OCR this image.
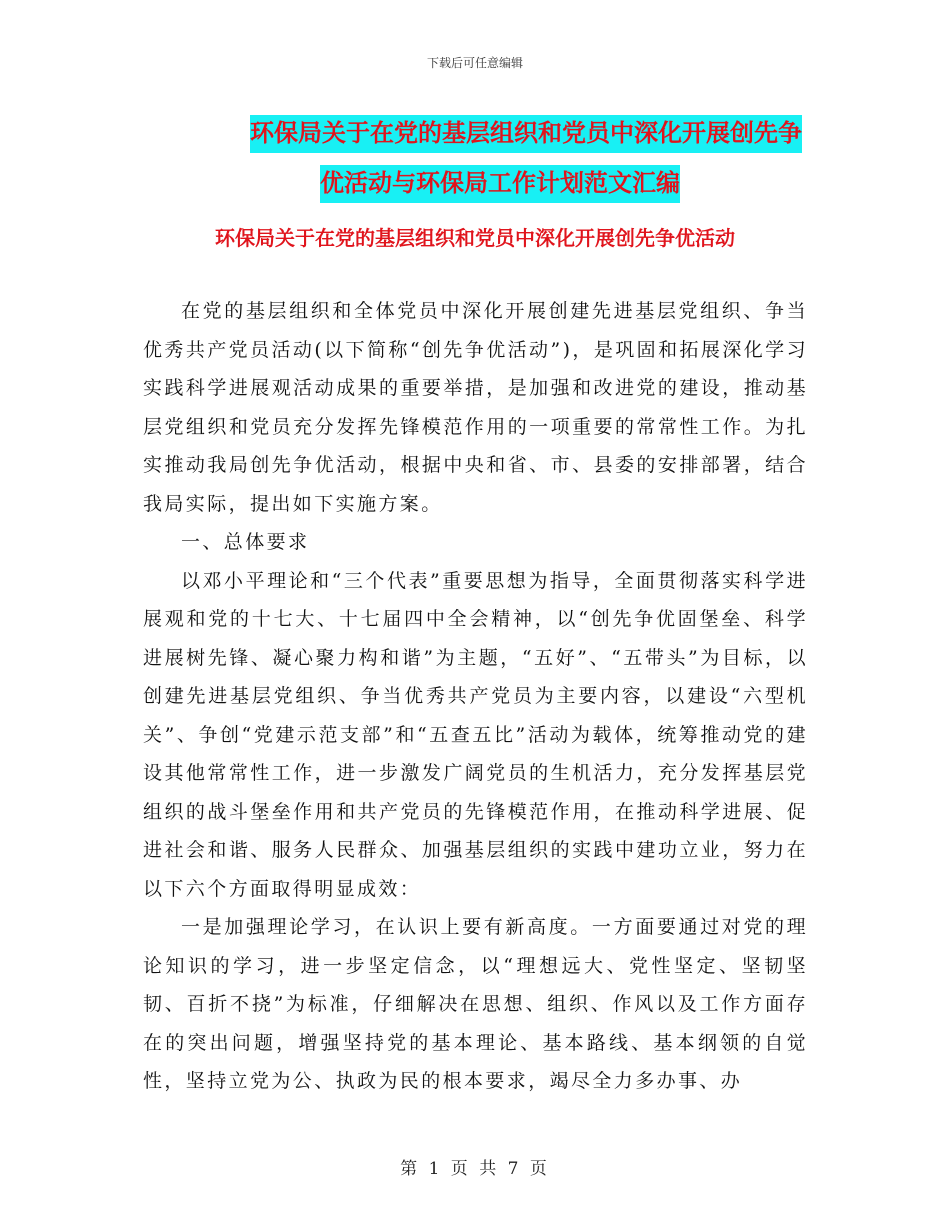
下载后可任意编辑
环保局关于在党的基层组织和党员中深化开展创先争
优活动与环保局工作计划范文汇编
环保局关于在党的基层组织和党员中深化开展创先争优活动

在党的基层组织和全体党员中深化开展创建先进基层党组织、争当优秀共产党员活动(以下简称“创先争优活动”)，是巩固和拓展深化学习实践科学进展观活动成果的重要举措，是加强和改进党的建设，推动基层党组织和党员充分发挥先锋模范作用的一项重要的常常性工作。为扎实推动我局创先争优活动，根据中央和省、市、县委的安排部署，结合我局实际，提出如下实施方案。

一、总体要求

以邓小平理论和“三个代表”重要思想为指导，全面贯彻落实科学进展观和党的十七大、十七届四中全会精神，以“创先争优固堡垒、科学进展树先锋、凝心聚力构和谐”为主题，“五好”、“五带头”为目标，以创建先进基层党组织、争当优秀共产党员为主要内容，以建设“六型机关”、争创“党建示范支部”和“五查五比”活动为载体，统筹推动党的建设其他常常性工作，进一步激发广阔党员的生机活力，充分发挥基层党组织的战斗堡垒作用和共产党员的先锋模范作用，在推动科学进展、促进社会和谐、服务人民群众、加强基层组织的实践中建功立业，努力在以下六个方面取得明显成效：

一是加强理论学习，在认识上要有新高度。一方面要通过对党的理论知识的学习，进一步坚定信念，以“理想远大、党性坚定、坚韧坚韧、百折不挠”为标准，仔细解决在思想、组织、作风以及工作方面存在的突出问题，增强坚持党的基本理论、基本路线、基本纲领的自觉性，坚持立党为公、执政为民的根本要求，竭尽全力多办事、办

第 1 页 共 7 页
